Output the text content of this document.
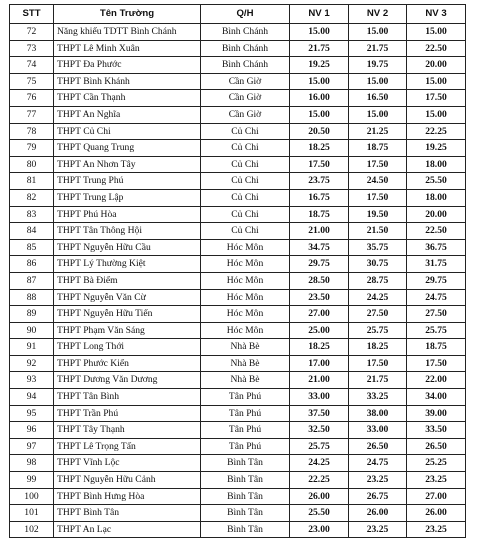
STT	Tên Trường	Q/H	NV 1	NV 2	NV 3
72	Năng khiếu TDTT Bình Chánh	Bình Chánh	15.00	15.00	15.00
73	THPT Lê Minh Xuân	Bình Chánh	21.75	21.75	22.50
74	THPT Đa Phước	Bình Chánh	19.25	19.75	20.00
75	THPT Bình Khánh	Cần Giờ	15.00	15.00	15.00
76	THPT Cần Thạnh	Cần Giờ	16.00	16.50	17.50
77	THPT An Nghĩa	Cần Giờ	15.00	15.00	15.00
78	THPT Củ Chi	Củ Chi	20.50	21.25	22.25
79	THPT Quang Trung	Củ Chi	18.25	18.75	19.25
80	THPT An Nhơn Tây	Củ Chi	17.50	17.50	18.00
81	THPT Trung Phú	Củ Chi	23.75	24.50	25.50
82	THPT Trung Lập	Củ Chi	16.75	17.50	18.00
83	THPT Phú Hòa	Củ Chi	18.75	19.50	20.00
84	THPT Tân Thông Hội	Củ Chi	21.00	21.50	22.50
85	THPT Nguyễn Hữu Cầu	Hóc Môn	34.75	35.75	36.75
86	THPT Lý Thường Kiệt	Hóc Môn	29.75	30.75	31.75
87	THPT Bà Điểm	Hóc Môn	28.50	28.75	29.75
88	THPT Nguyễn Văn Cừ	Hóc Môn	23.50	24.25	24.75
89	THPT Nguyễn Hữu Tiến	Hóc Môn	27.00	27.50	27.50
90	THPT Phạm Văn Sáng	Hóc Môn	25.00	25.75	25.75
91	THPT Long Thới	Nhà Bè	18.25	18.25	18.75
92	THPT Phước Kiển	Nhà Bè	17.00	17.50	17.50
93	THPT Dương Văn Dương	Nhà Bè	21.00	21.75	22.00
94	THPT Tân Bình	Tân Phú	33.00	33.25	34.00
95	THPT Trần Phú	Tân Phú	37.50	38.00	39.00
96	THPT Tây Thạnh	Tân Phú	32.50	33.00	33.50
97	THPT Lê Trọng Tấn	Tân Phú	25.75	26.50	26.50
98	THPT Vĩnh Lộc	Bình Tân	24.25	24.75	25.25
99	THPT Nguyễn Hữu Cảnh	Bình Tân	22.25	23.25	23.25
100	THPT Bình Hưng Hòa	Bình Tân	26.00	26.75	27.00
101	THPT Bình Tân	Bình Tân	25.50	26.00	26.00
102	THPT An Lạc	Bình Tân	23.00	23.25	23.25
